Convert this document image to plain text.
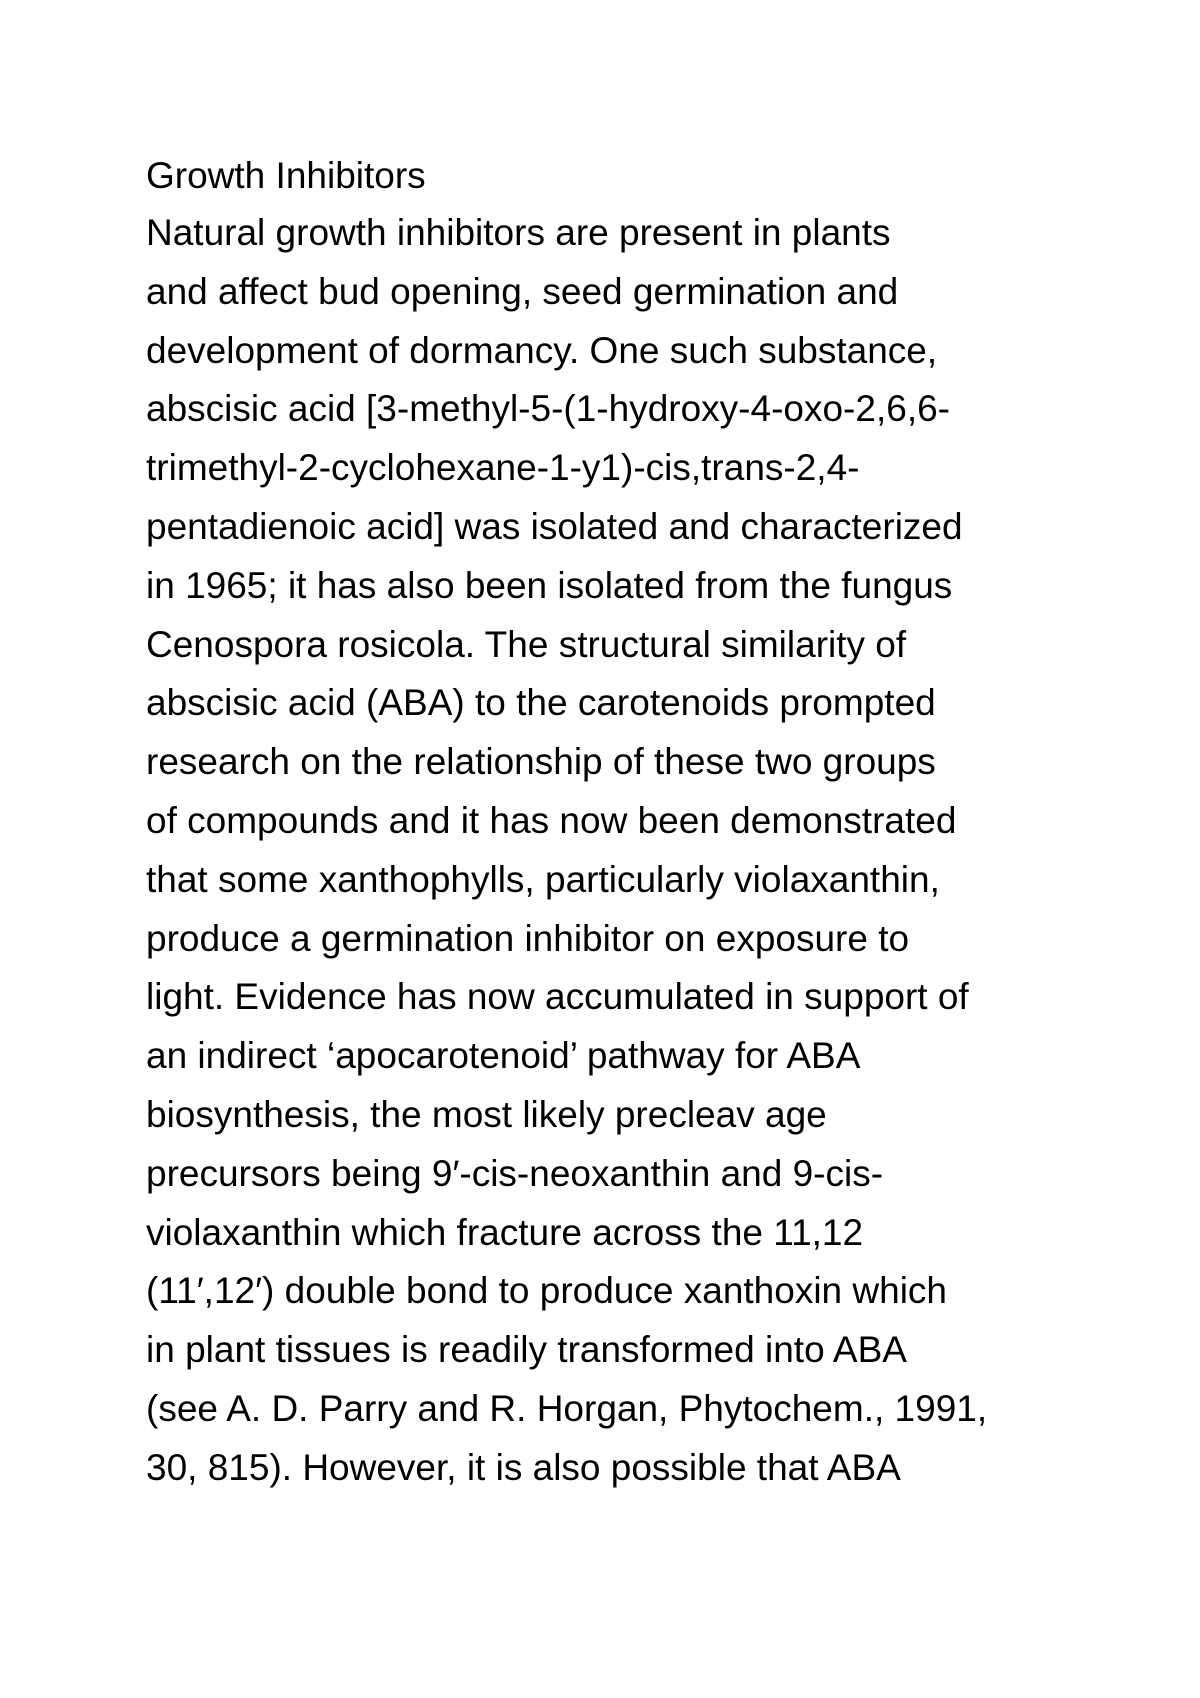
Growth Inhibitors
Natural growth inhibitors are present in plants
and affect bud opening, seed germination and
development of dormancy. One such substance,
abscisic acid [3-methyl-5-(1-hydroxy-4-oxo-2,6,6-
trimethyl-2-cyclohexane-1-y1)-cis,trans-2,4-
pentadienoic acid] was isolated and characterized
in 1965; it has also been isolated from the fungus
Cenospora rosicola. The structural similarity of
abscisic acid (ABA) to the carotenoids prompted
research on the relationship of these two groups
of compounds and it has now been demonstrated
that some xanthophylls, particularly violaxanthin,
produce a germination inhibitor on exposure to
light. Evidence has now accumulated in support of
an indirect ‘apocarotenoid’ pathway for ABA
biosynthesis, the most likely precleav age
precursors being 9′-cis-neoxanthin and 9-cis-
violaxanthin which fracture across the 11,12
(11′,12′) double bond to produce xanthoxin which
in plant tissues is readily transformed into ABA
(see A. D. Parry and R. Horgan, Phytochem., 1991,
30, 815). However, it is also possible that ABA
